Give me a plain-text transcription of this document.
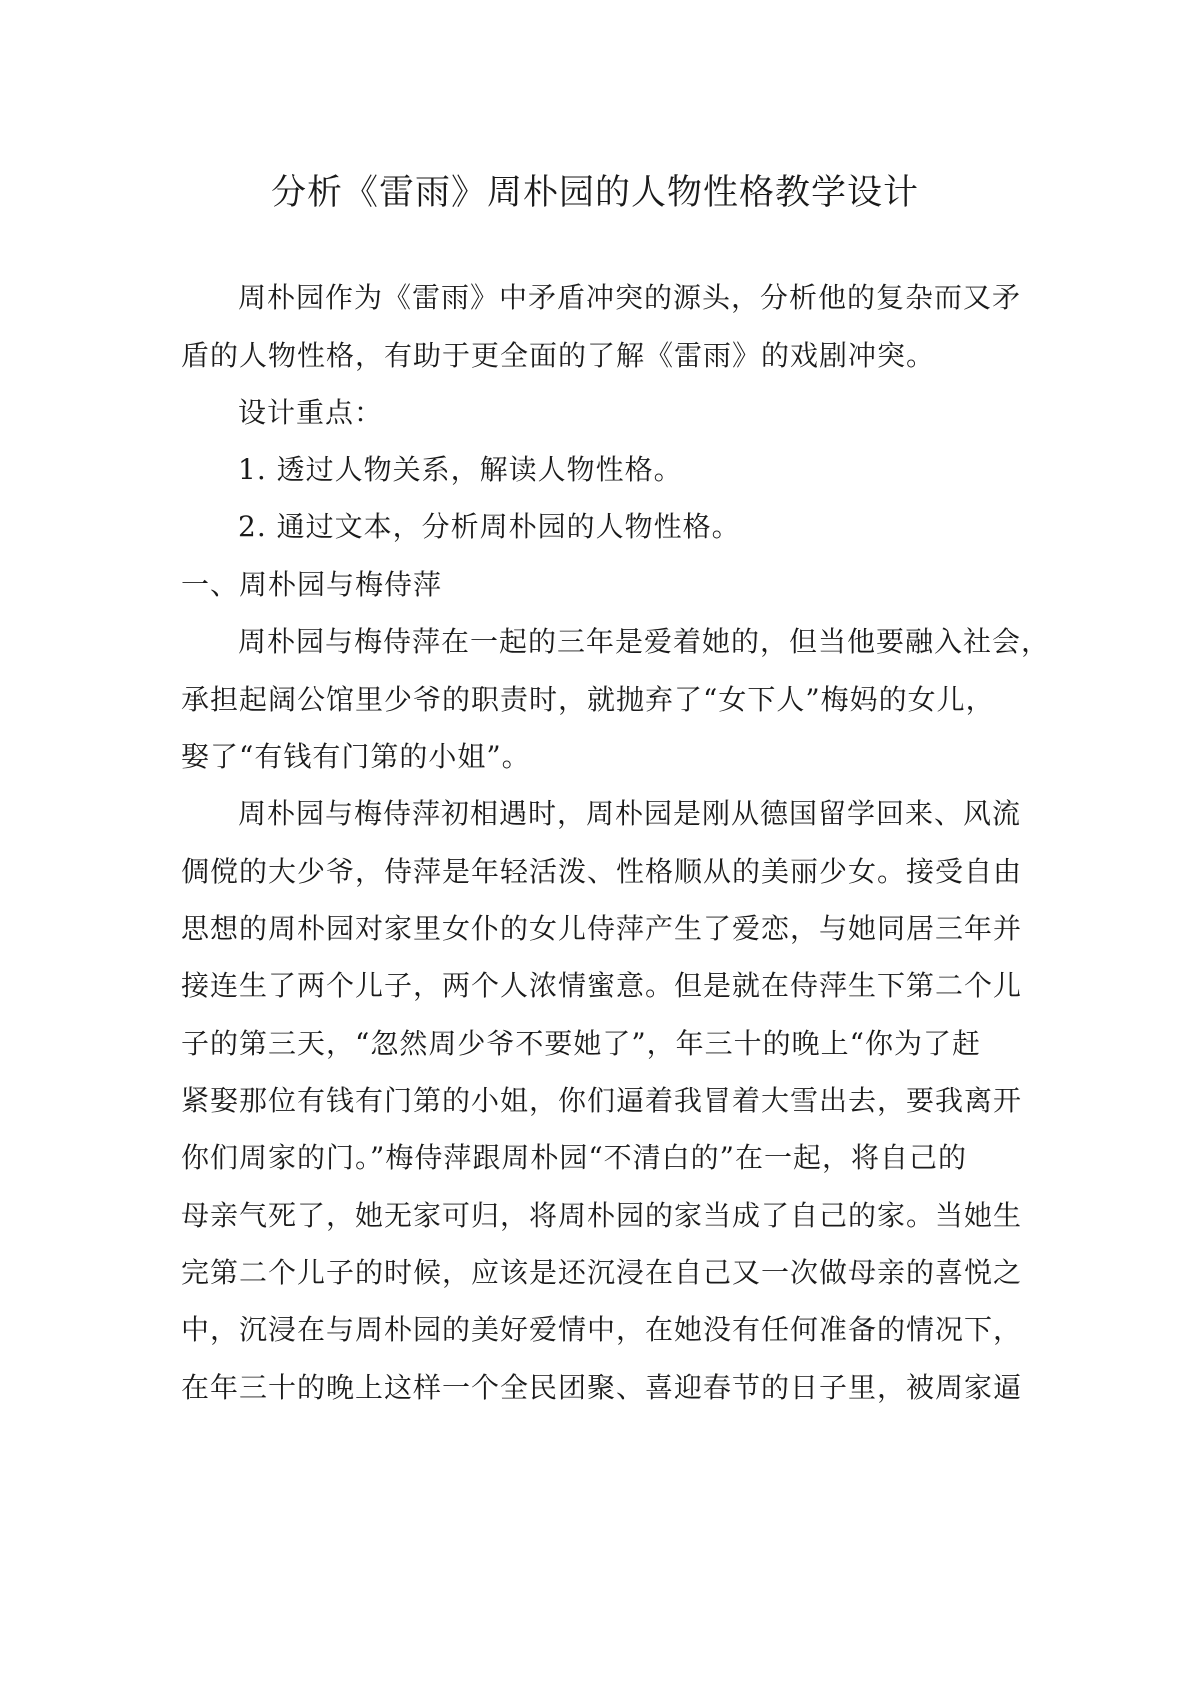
分析《雷雨》周朴园的人物性格教学设计
周朴园作为《雷雨》中矛盾冲突的源头，分析他的复杂而又矛
盾的人物性格，有助于更全面的了解《雷雨》的戏剧冲突。
设计重点：
1. 透过人物关系，解读人物性格。
2. 通过文本，分析周朴园的人物性格。
一、周朴园与梅侍萍
周朴园与梅侍萍在一起的三年是爱着她的，但当他要融入社会，
承担起阔公馆里少爷的职责时，就抛弃了“女下人”梅妈的女儿，
娶了“有钱有门第的小姐”。
周朴园与梅侍萍初相遇时，周朴园是刚从德国留学回来、风流
倜傥的大少爷，侍萍是年轻活泼、性格顺从的美丽少女。接受自由
思想的周朴园对家里女仆的女儿侍萍产生了爱恋，与她同居三年并
接连生了两个儿子，两个人浓情蜜意。但是就在侍萍生下第二个儿
子的第三天，“忽然周少爷不要她了”，年三十的晚上“你为了赶
紧娶那位有钱有门第的小姐，你们逼着我冒着大雪出去，要我离开
你们周家的门。”梅侍萍跟周朴园“不清白的”在一起，将自己的
母亲气死了，她无家可归，将周朴园的家当成了自己的家。当她生
完第二个儿子的时候，应该是还沉浸在自己又一次做母亲的喜悦之
中，沉浸在与周朴园的美好爱情中，在她没有任何准备的情况下，
在年三十的晚上这样一个全民团聚、喜迎春节的日子里，被周家逼
